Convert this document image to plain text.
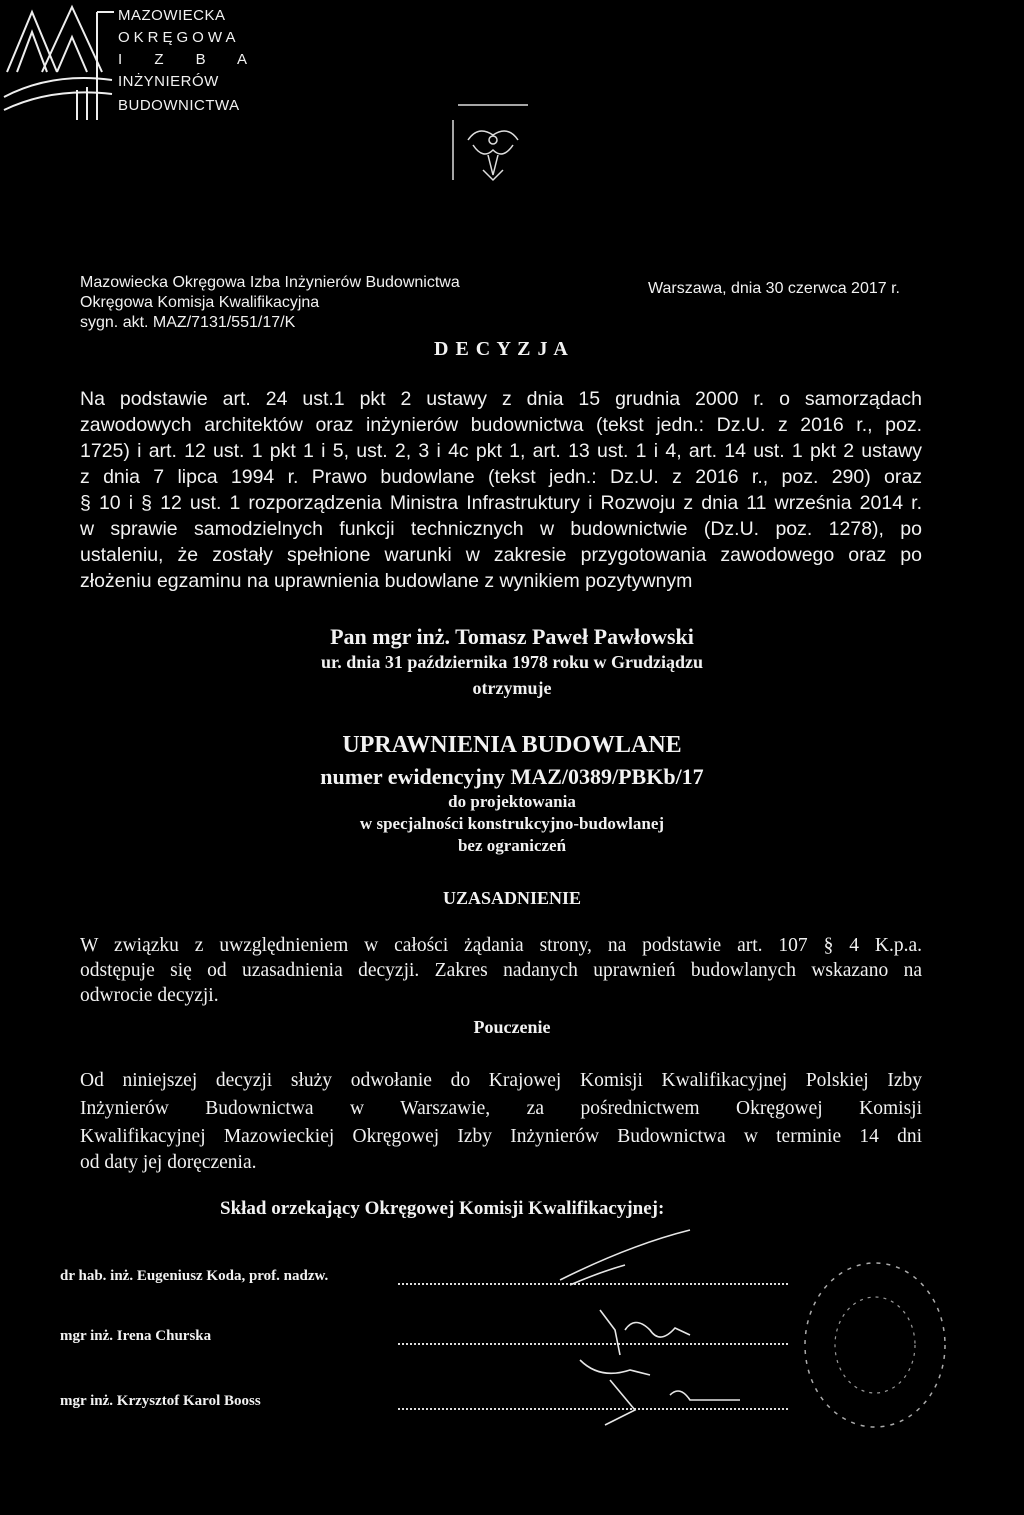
MAZOWIECKA
OKRĘGOWA
I Z B A
INŻYNIERÓW
BUDOWNICTWA
Mazowiecka Okręgowa Izba Inżynierów Budownictwa
Okręgowa Komisja Kwalifikacyjna
sygn. akt. MAZ/7131/551/17/K
Warszawa, dnia 30 czerwca 2017 r.
D E C Y Z J A
Na podstawie art. 24 ust.1 pkt 2 ustawy z dnia 15 grudnia 2000 r. o samorządach
zawodowych architektów oraz inżynierów budownictwa (tekst jedn.: Dz.U. z 2016 r., poz.
1725) i art. 12 ust. 1 pkt 1 i 5, ust. 2, 3 i 4c pkt 1, art. 13 ust. 1 i 4, art. 14 ust. 1 pkt 2 ustawy
z dnia 7 lipca 1994 r. Prawo budowlane (tekst jedn.: Dz.U. z 2016 r., poz. 290) oraz
§ 10 i § 12 ust. 1 rozporządzenia Ministra Infrastruktury i Rozwoju z dnia 11 września 2014 r.
w sprawie samodzielnych funkcji technicznych w budownictwie (Dz.U. poz. 1278), po
ustaleniu, że zostały spełnione warunki w zakresie przygotowania zawodowego oraz po
złożeniu egzaminu na uprawnienia budowlane z wynikiem pozytywnym
Pan mgr inż. Tomasz Paweł Pawłowski
ur. dnia 31 października 1978 roku w Grudziądzu
otrzymuje
UPRAWNIENIA BUDOWLANE
numer ewidencyjny MAZ/0389/PBKb/17
do projektowania
w specjalności konstrukcyjno-budowlanej
bez ograniczeń
UZASADNIENIE
W związku z uwzględnieniem w całości żądania strony, na podstawie art. 107 § 4 K.p.a.
odstępuje się od uzasadnienia decyzji. Zakres nadanych uprawnień budowlanych wskazano na
odwrocie decyzji.
Pouczenie
Od niniejszej decyzji służy odwołanie do Krajowej Komisji Kwalifikacyjnej Polskiej Izby
Inżynierów Budownictwa w Warszawie, za pośrednictwem Okręgowej Komisji
Kwalifikacyjnej Mazowieckiej Okręgowej Izby Inżynierów Budownictwa w terminie 14 dni
od daty jej doręczenia.
Skład orzekający Okręgowej Komisji Kwalifikacyjnej:
dr hab. inż. Eugeniusz Koda, prof. nadzw.
mgr inż. Irena Churska
mgr inż. Krzysztof Karol Booss
